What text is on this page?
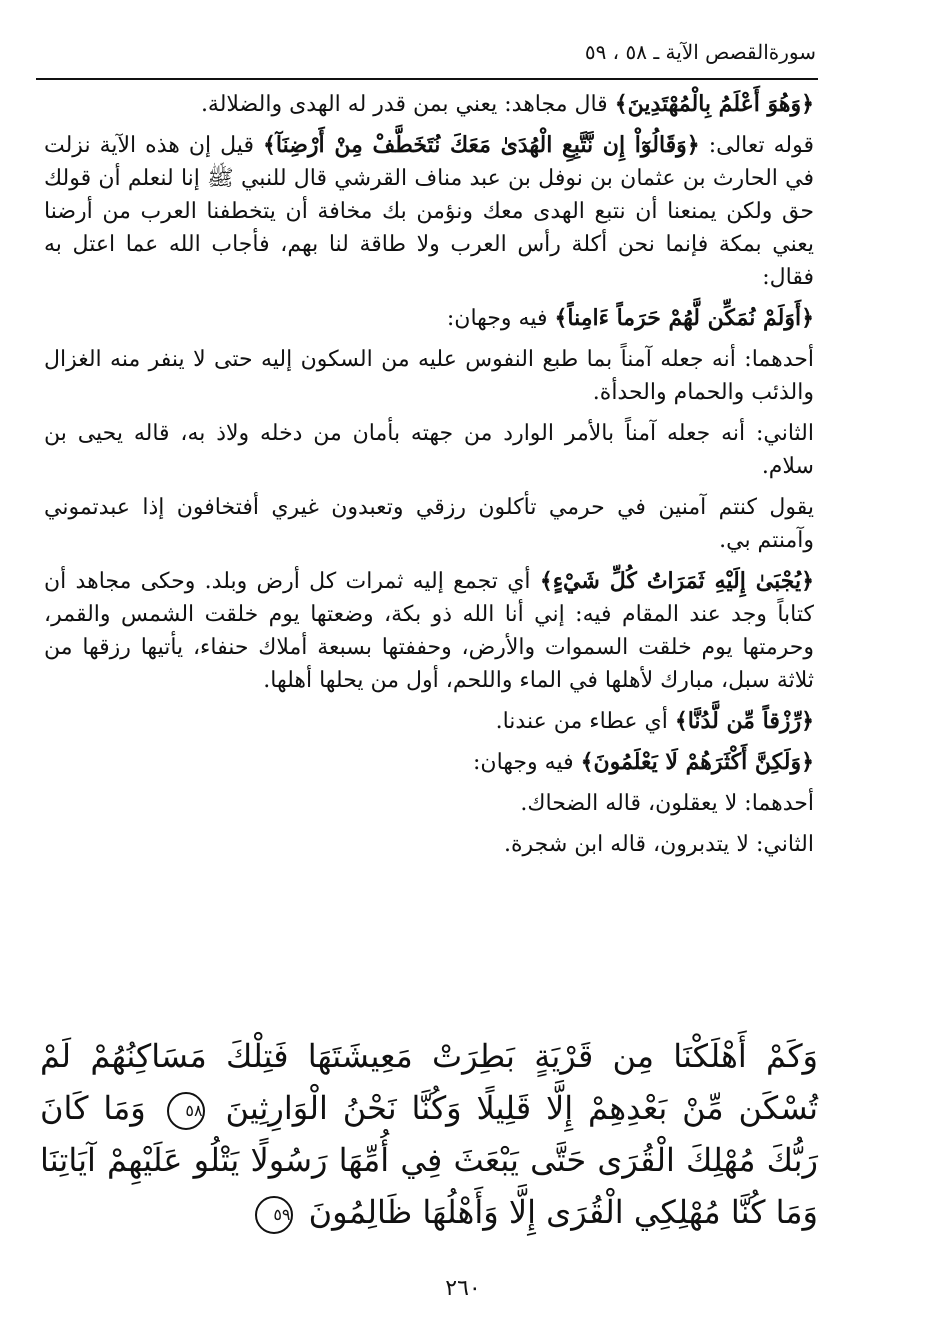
سورةالقصص الآية ـ ٥٨ ، ٥٩

﴿وَهُوَ أَعْلَمُ بِالْمُهْتَدِينَ﴾ قال مجاهد: يعني بمن قدر له الهدى والضلالة.

قوله تعالى: ﴿وَقَالُوٓاْ إِن نَّتَّبِعِ الْهُدَىٰ مَعَكَ نُتَخَطَّفْ مِنْ أَرْضِنَآ﴾ قيل إن هذه الآية نزلت في الحارث بن عثمان بن نوفل بن عبد مناف القرشي قال للنبي ﷺ إنا لنعلم أن قولك حق ولكن يمنعنا أن نتبع الهدى معك ونؤمن بك مخافة أن يتخطفنا العرب من أرضنا يعني بمكة فإنما نحن أكلة رأس العرب ولا طاقة لنا بهم، فأجاب الله عما اعتل به فقال:

﴿أَوَلَمْ نُمَكِّن لَّهُمْ حَرَماً ءَامِناً﴾ فيه وجهان:

أحدهما: أنه جعله آمناً بما طبع النفوس عليه من السكون إليه حتى لا ينفر منه الغزال والذئب والحمام والحدأة.

الثاني: أنه جعله آمناً بالأمر الوارد من جهته بأمان من دخله ولاذ به، قاله يحيى بن سلام.

يقول كنتم آمنين في حرمي تأكلون رزقي وتعبدون غيري أفتخافون إذا عبدتموني وآمنتم بي.

﴿يُجْبَىٰ إِلَيْهِ ثَمَرَاتُ كُلِّ شَيْءٍ﴾ أي تجمع إليه ثمرات كل أرض وبلد. وحكى مجاهد أن كتاباً وجد عند المقام فيه: إني أنا الله ذو بكة، وضعتها يوم خلقت الشمس والقمر، وحرمتها يوم خلقت السموات والأرض، وحففتها بسبعة أملاك حنفاء، يأتيها رزقها من ثلاثة سبل، مبارك لأهلها في الماء واللحم، أول من يحلها أهلها.

﴿رِّزْقاً مِّن لَّدُنَّا﴾ أي عطاء من عندنا.

﴿وَلَكِنَّ أَكْثَرَهُمْ لَا يَعْلَمُونَ﴾ فيه وجهان:

أحدهما: لا يعقلون، قاله الضحاك.

الثاني: لا يتدبرون، قاله ابن شجرة.

وَكَمْ أَهْلَكْنَا مِن قَرْيَةٍ بَطِرَتْ مَعِيشَتَهَا فَتِلْكَ مَسَاكِنُهُمْ لَمْ تُسْكَن مِّنْ بَعْدِهِمْ إِلَّا قَلِيلًا وَكُنَّا نَحْنُ الْوَارِثِينَ ٥٨ وَمَا كَانَ رَبُّكَ مُهْلِكَ الْقُرَى حَتَّى يَبْعَثَ فِي أُمِّهَا رَسُولًا يَتْلُو عَلَيْهِمْ آيَاتِنَا وَمَا كُنَّا مُهْلِكِي الْقُرَى إِلَّا وَأَهْلُهَا ظَالِمُونَ ٥٩
٢٦٠
